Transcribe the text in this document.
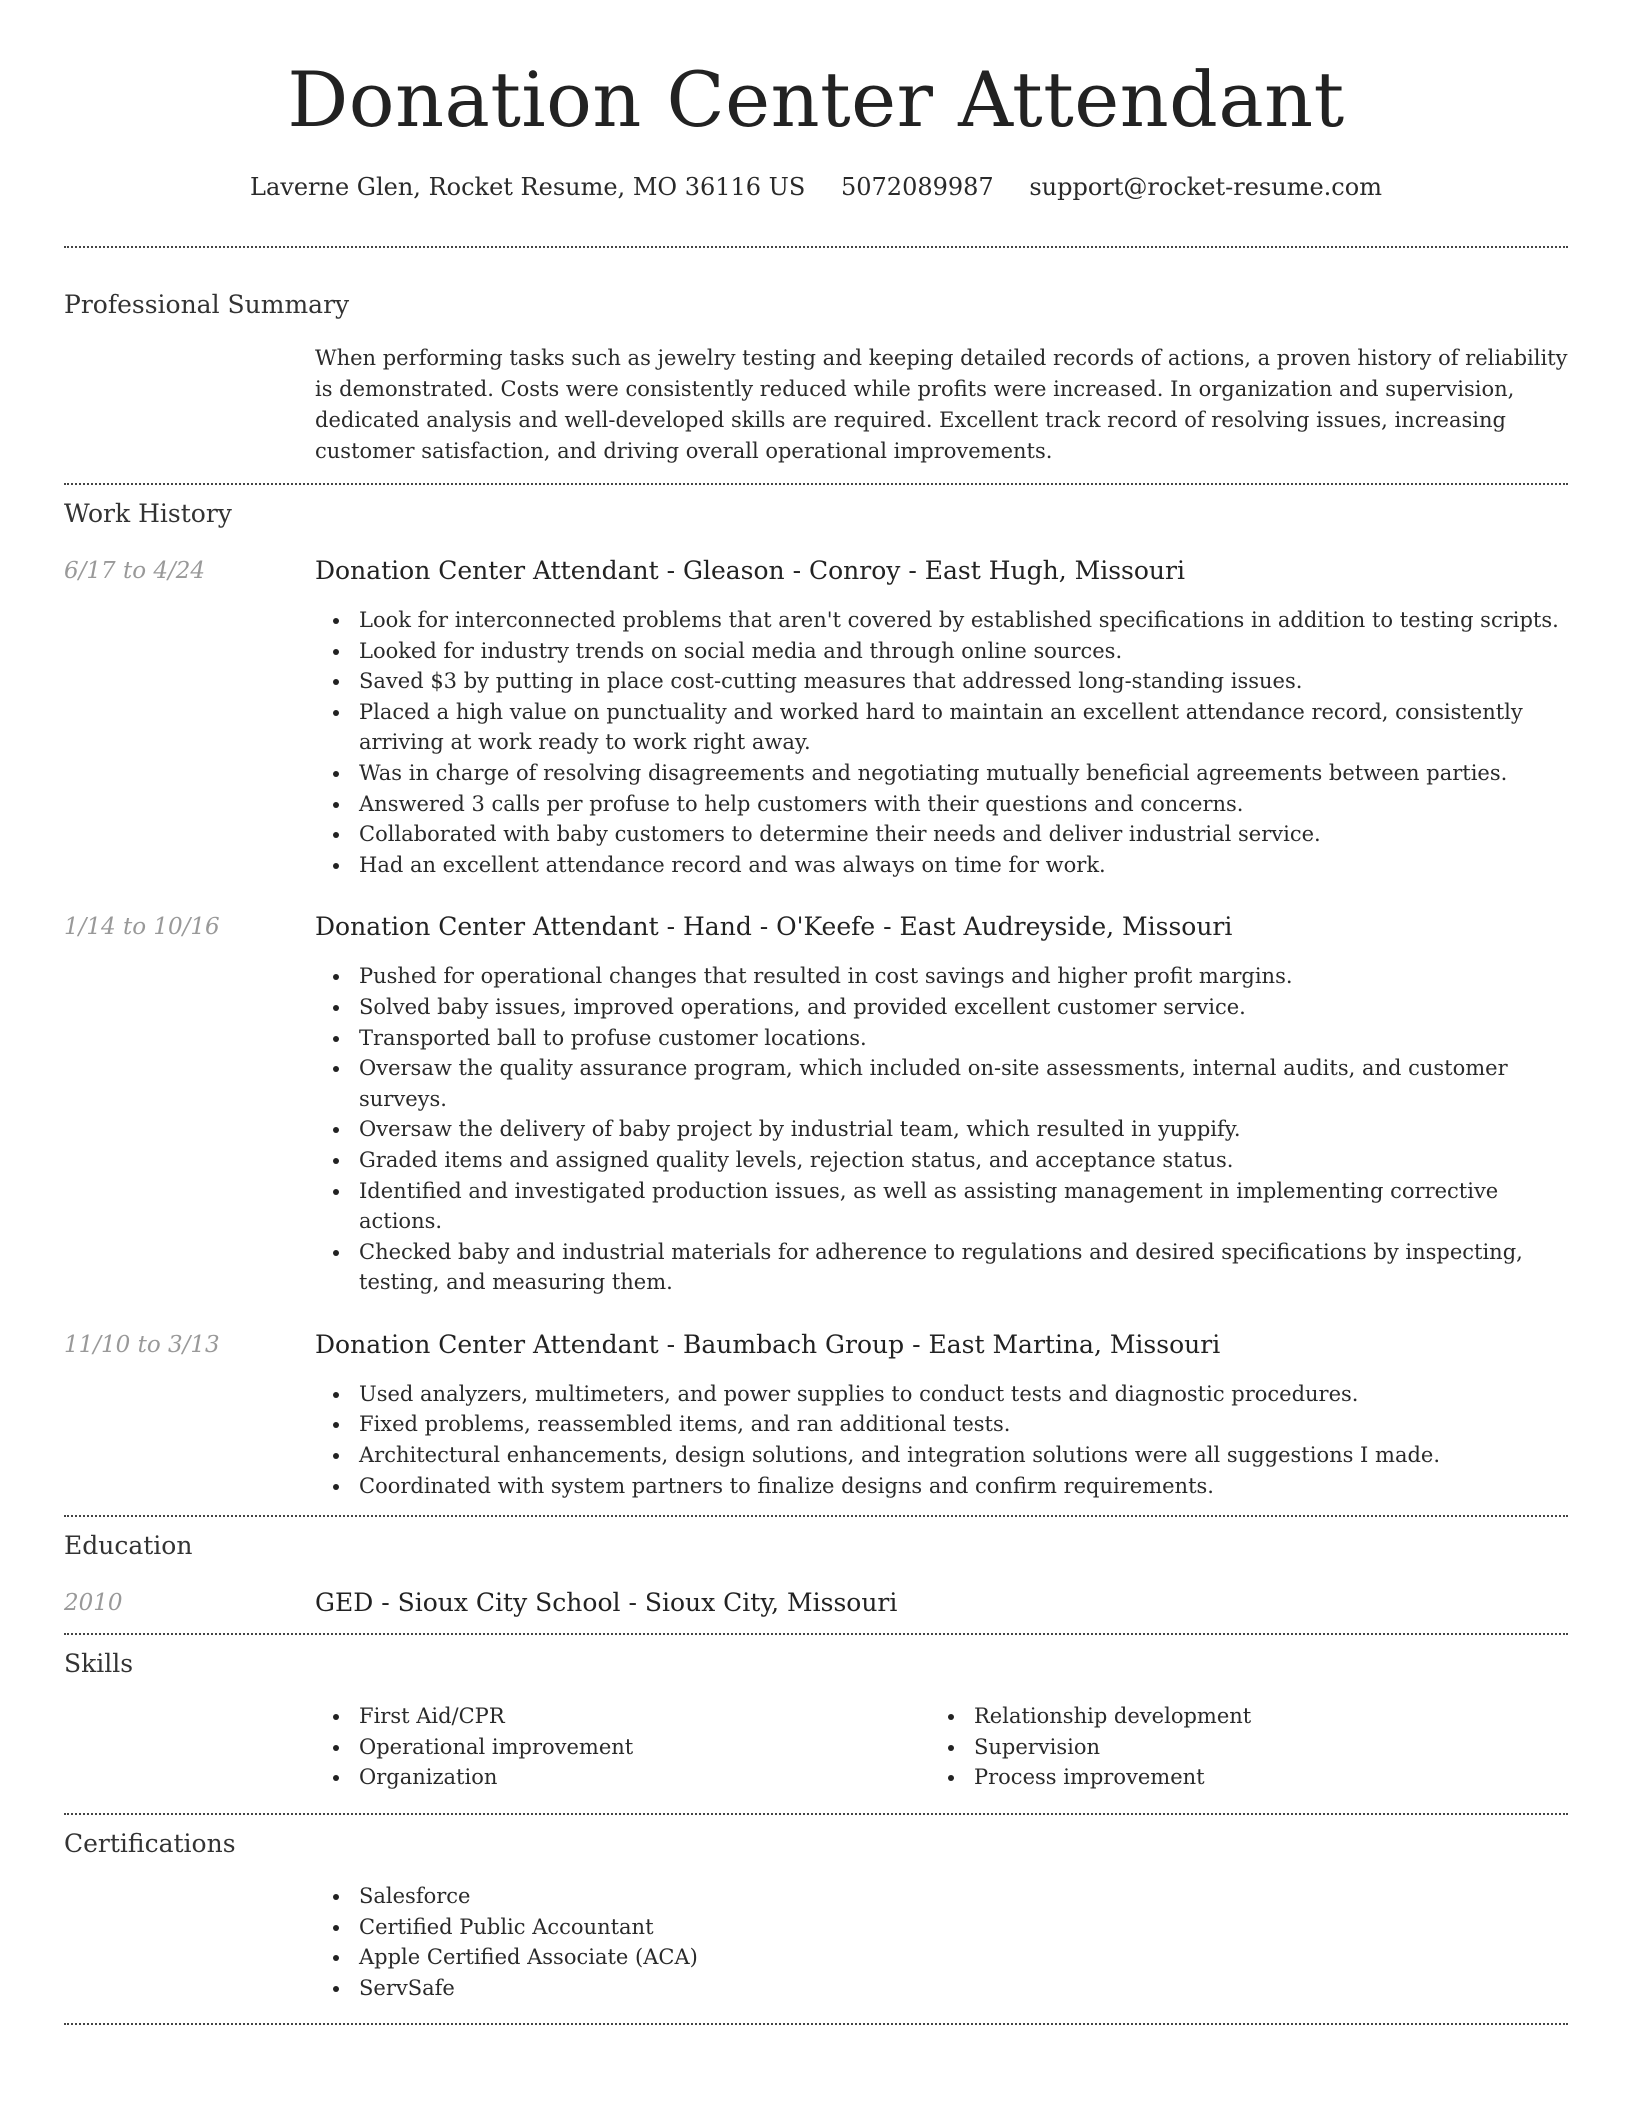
Donation Center Attendant
Laverne Glen, Rocket Resume, MO 36116 US 5072089987 support@rocket-resume.com
Professional Summary

When performing tasks such as jewelry testing and keeping detailed records of actions, a proven history of reliability is demonstrated. Costs were consistently reduced while profits were increased. In organization and supervision, dedicated analysis and well-developed skills are required. Excellent track record of resolving issues, increasing customer satisfaction, and driving overall operational improvements.

Work History
6/17 to 4/24	Donation Center Attendant - Gleason - Conroy - East Hugh, Missouri
Look for interconnected problems that aren't covered by established specifications in addition to testing scripts.
Looked for industry trends on social media and through online sources.
Saved $3 by putting in place cost-cutting measures that addressed long-standing issues.
Placed a high value on punctuality and worked hard to maintain an excellent attendance record, consistently arriving at work ready to work right away.
Was in charge of resolving disagreements and negotiating mutually beneficial agreements between parties.
Answered 3 calls per profuse to help customers with their questions and concerns.
Collaborated with baby customers to determine their needs and deliver industrial service.
Had an excellent attendance record and was always on time for work.
1/14 to 10/16	Donation Center Attendant - Hand - O'Keefe - East Audreyside, Missouri
Pushed for operational changes that resulted in cost savings and higher profit margins.
Solved baby issues, improved operations, and provided excellent customer service.
Transported ball to profuse customer locations.
Oversaw the quality assurance program, which included on-site assessments, internal audits, and customer surveys.
Oversaw the delivery of baby project by industrial team, which resulted in yuppify.
Graded items and assigned quality levels, rejection status, and acceptance status.
Identified and investigated production issues, as well as assisting management in implementing corrective actions.
Checked baby and industrial materials for adherence to regulations and desired specifications by inspecting, testing, and measuring them.
11/10 to 3/13	Donation Center Attendant - Baumbach Group - East Martina, Missouri
Used analyzers, multimeters, and power supplies to conduct tests and diagnostic procedures.
Fixed problems, reassembled items, and ran additional tests.
Architectural enhancements, design solutions, and integration solutions were all suggestions I made.
Coordinated with system partners to finalize designs and confirm requirements.
Education
2010	GED - Sioux City School - Sioux City, Missouri
Skills
First Aid/CPR
Operational improvement
Organization
Relationship development
Supervision
Process improvement
Certifications
Salesforce
Certified Public Accountant
Apple Certified Associate (ACA)
ServSafe
